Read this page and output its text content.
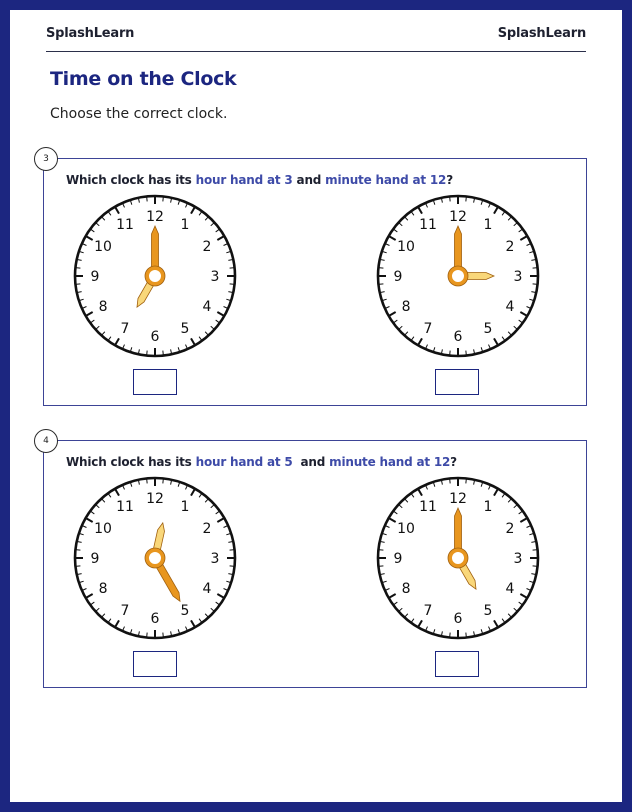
SplashLearn	SplashLearn
Time on the Clock
Choose the correct clock.
3
Which clock has its hour hand at 3 and minute hand at 12?
12
1
2
3
4
5
6
7
8
9
10
11
12
1
2
3
4
5
6
7
8
9
10
11
4
Which clock has its hour hand at 5  and minute hand at 12?
12
1
2
3
4
5
6
7
8
9
10
11
12
1
2
3
4
5
6
7
8
9
10
11
